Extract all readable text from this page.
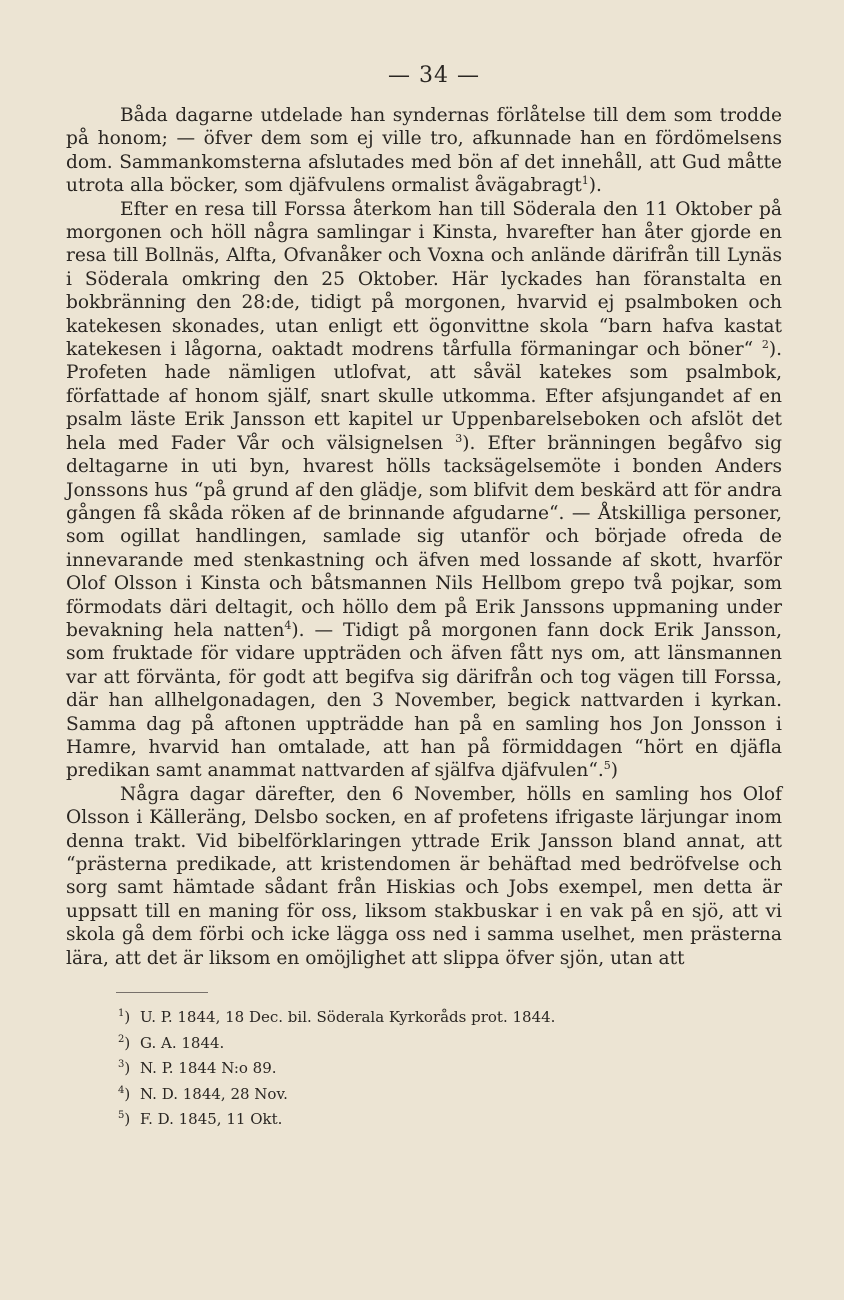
— 34 —

Båda dagarne utdelade han syndernas förlåtelse till dem som trodde på honom; — öfver dem som ej ville tro, afkunnade han en fördömelsens dom. Sammankomsterna afslutades med bön af det innehåll, att Gud måtte utrota alla böcker, som djäfvulens ormalist åvägabragt$^1$).

Efter en resa till Forssa återkom han till Söderala den 11 Oktober på morgonen och höll några samlingar i Kinsta, hvarefter han åter gjorde en resa till Bollnäs, Alfta, Ofvanåker och Voxna och anlände därifrån till Lynäs i Söderala omkring den 25 Oktober. Här lyckades han föranstalta en bokbränning den 28:de, tidigt på morgonen, hvarvid ej psalmboken och katekesen skonades, utan enligt ett ögonvittne skola “barn hafva kastat katekesen i lågorna, oaktadt modrens tårfulla förmaningar och böner“ $^2$). Profeten hade nämligen utlofvat, att såväl katekes som psalmbok, författade af honom själf, snart skulle utkomma. Efter afsjungandet af en psalm läste Erik Jansson ett kapitel ur Uppenbarelseboken och afslöt det hela med Fader Vår och välsignelsen $^3$). Efter bränningen begåfvo sig deltagarne in uti byn, hvarest hölls tacksägelsemöte i bonden Anders Jonssons hus “på grund af den glädje, som blifvit dem beskärd att för andra gången få skåda röken af de brinnande afgudarne“. — Åtskilliga personer, som ogillat handlingen, samlade sig utanför och började ofreda de innevarande med stenkastning och äfven med lossande af skott, hvarför Olof Olsson i Kinsta och båtsmannen Nils Hellbom grepo två pojkar, som förmodats däri deltagit, och höllo dem på Erik Janssons uppmaning under bevakning hela natten$^4$). — Tidigt på morgonen fann dock Erik Jansson, som fruktade för vidare uppträden och äfven fått nys om, att länsmannen var att förvänta, för godt att begifva sig därifrån och tog vägen till Forssa, där han allhelgonadagen, den 3 November, begick nattvarden i kyrkan. Samma dag på aftonen uppträdde han på en samling hos Jon Jonsson i Hamre, hvarvid han omtalade, att han på förmiddagen “hört en djäfla predikan samt anammat nattvarden af själfva djäfvulen“.$^5$)

Några dagar därefter, den 6 November, hölls en samling hos Olof Olsson i Källeräng, Delsbo socken, en af profetens ifrigaste lärjungar inom denna trakt. Vid bibelförklaringen yttrade Erik Jansson bland annat, att “prästerna predikade, att kristendomen är behäftad med bedröfvelse och sorg samt hämtade sådant från Hiskias och Jobs exempel, men detta är uppsatt till en maning för oss, liksom stakbuskar i en vak på en sjö, att vi skola gå dem förbi och icke lägga oss ned i samma uselhet, men prästerna lära, att det är liksom en omöjlighet att slippa öfver sjön, utan att

$^1$) U. P. 1844, 18 Dec. bil. Söderala Kyrkoråds prot. 1844.
$^2$) G. A. 1844.
$^3$) N. P. 1844 N:o 89.
$^4$) N. D. 1844, 28 Nov.
$^5$) F. D. 1845, 11 Okt.
